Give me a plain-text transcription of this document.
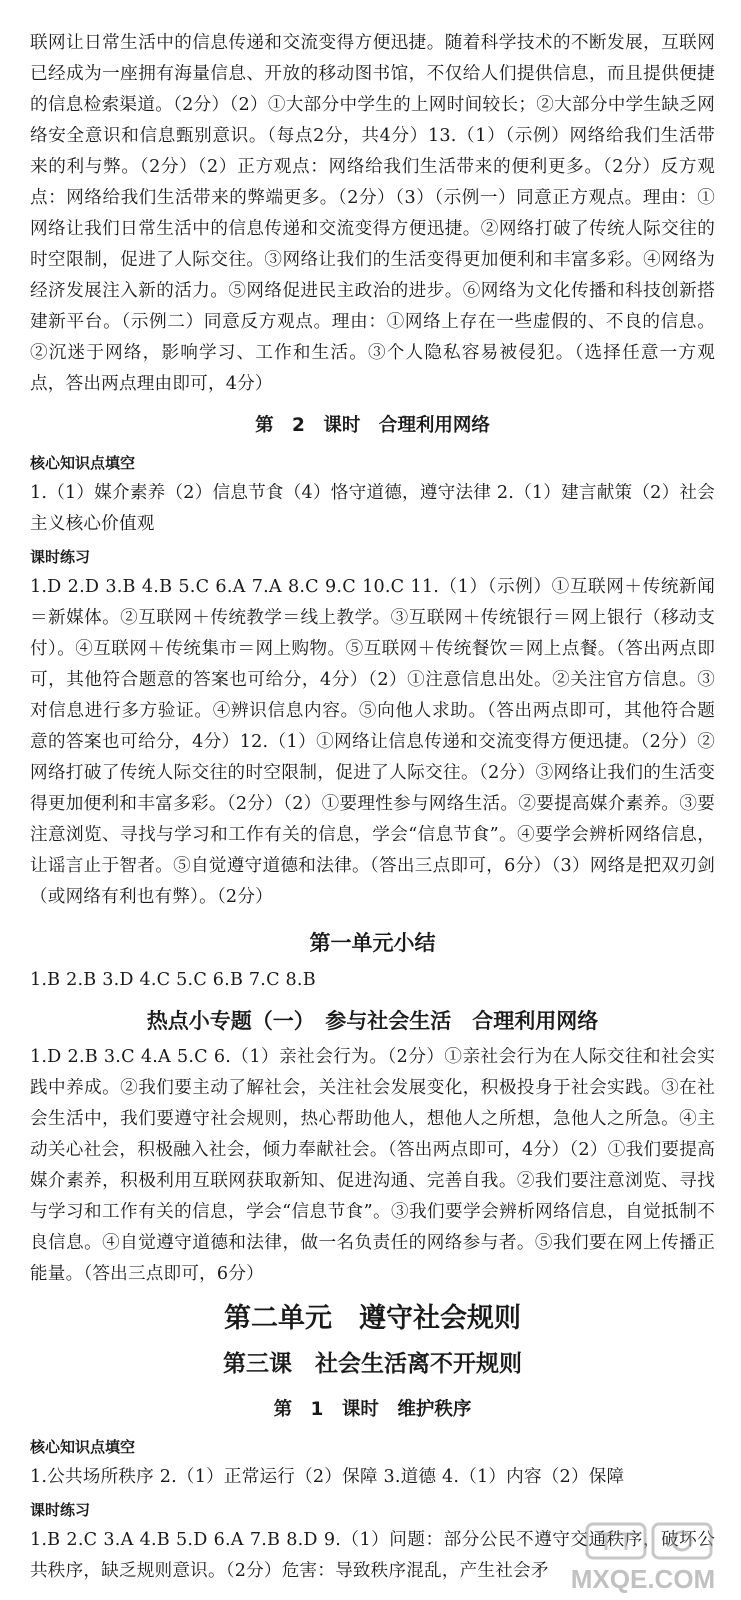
联网让日常生活中的信息传递和交流变得方便迅捷。随着科学技术的不断发展，互联网已经成为一座拥有海量信息、开放的移动图书馆，不仅给人们提供信息，而且提供便捷的信息检索渠道。（2分）（2）①大部分中学生的上网时间较长；②大部分中学生缺乏网络安全意识和信息甄别意识。（每点2分，共4分）13.（1）（示例）网络给我们生活带来的利与弊。（2分）（2）正方观点：网络给我们生活带来的便利更多。（2分）反方观点：网络给我们生活带来的弊端更多。（2分）（3）（示例一）同意正方观点。理由：①网络让我们日常生活中的信息传递和交流变得方便迅捷。②网络打破了传统人际交往的时空限制，促进了人际交往。③网络让我们的生活变得更加便利和丰富多彩。④网络为经济发展注入新的活力。⑤网络促进民主政治的进步。⑥网络为文化传播和科技创新搭建新平台。（示例二）同意反方观点。理由：①网络上存在一些虚假的、不良的信息。②沉迷于网络，影响学习、工作和生活。③个人隐私容易被侵犯。（选择任意一方观点，答出两点理由即可，4分）

第 2 课时　合理利用网络
核心知识点填空

1.（1）媒介素养（2）信息节食（4）恪守道德，遵守法律 2.（1）建言献策（2）社会主义核心价值观

课时练习

1.D 2.D 3.B 4.B 5.C 6.A 7.A 8.C 9.C 10.C 11.（1）（示例）①互联网＋传统新闻＝新媒体。②互联网＋传统教学＝线上教学。③互联网＋传统银行＝网上银行（移动支付）。④互联网＋传统集市＝网上购物。⑤互联网＋传统餐饮＝网上点餐。（答出两点即可，其他符合题意的答案也可给分，4分）（2）①注意信息出处。②关注官方信息。③对信息进行多方验证。④辨识信息内容。⑤向他人求助。（答出两点即可，其他符合题意的答案也可给分，4分）12.（1）①网络让信息传递和交流变得方便迅捷。（2分）②网络打破了传统人际交往的时空限制，促进了人际交往。（2分）③网络让我们的生活变得更加便利和丰富多彩。（2分）（2）①要理性参与网络生活。②要提高媒介素养。③要注意浏览、寻找与学习和工作有关的信息，学会“信息节食”。④要学会辨析网络信息，让谣言止于智者。⑤自觉遵守道德和法律。（答出三点即可，6分）（3）网络是把双刃剑（或网络有利也有弊）。（2分）

第一单元小结

1.B 2.B 3.D 4.C 5.C 6.B 7.C 8.B

热点小专题（一）　参与社会生活　合理利用网络

1.D 2.B 3.C 4.A 5.C 6.（1）亲社会行为。（2分）①亲社会行为在人际交往和社会实践中养成。②我们要主动了解社会，关注社会发展变化，积极投身于社会实践。③在社会生活中，我们要遵守社会规则，热心帮助他人，想他人之所想，急他人之所急。④主动关心社会，积极融入社会，倾力奉献社会。（答出两点即可，4分）（2）①我们要提高媒介素养，积极利用互联网获取新知、促进沟通、完善自我。②我们要注意浏览、寻找与学习和工作有关的信息，学会“信息节食”。③我们要学会辨析网络信息，自觉抵制不良信息。④自觉遵守道德和法律，做一名负责任的网络参与者。⑤我们要在网上传播正能量。（答出三点即可，6分）

第二单元　遵守社会规则
第三课　社会生活离不开规则
第 1 课时　维护秩序
核心知识点填空

1.公共场所秩序 2.（1）正常运行（2）保障 3.道德 4.（1）内容（2）保障

课时练习

1.B 2.C 3.A 4.B 5.D 6.A 7.B 8.D 9.（1）问题：部分公民不遵守交通秩序，破坏公共秩序，缺乏规则意识。（2分）危害：导致秩序混乱，产生社会矛 MXQE.COM
